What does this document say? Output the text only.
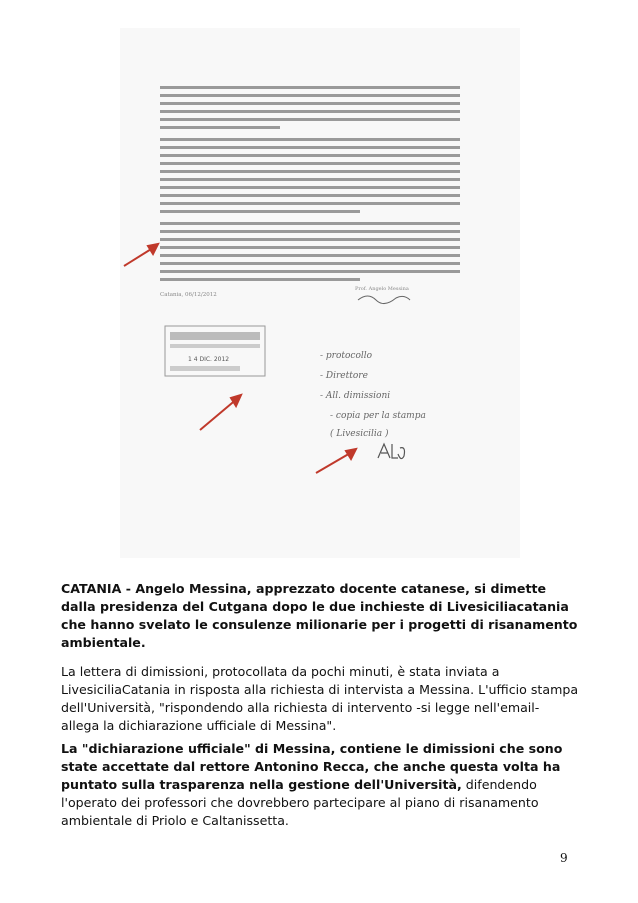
Catania, 06/12/2012
Prof. Angelo Messina
1 4 DIC. 2012	- protocollo
- Direttore
- All. dimissioni
- copia per la stampa
( Livesicilia )

CATANIA - Angelo Messina, apprezzato docente catanese, si dimette dalla presidenza del Cutgana dopo le due inchieste di Livesiciliacatania che hanno svelato le consulenze milionarie per i progetti di risanamento ambientale.

La lettera di dimissioni, protocollata da pochi minuti, è stata inviata a LivesiciliaCatania in risposta alla richiesta di intervista a Messina. L'ufficio stampa dell'Università, "rispondendo alla richiesta di intervento -si legge nell'email- allega la dichiarazione ufficiale di Messina".

La "dichiarazione ufficiale" di Messina, contiene le dimissioni che sono state accettate dal rettore Antonino Recca, che anche questa volta ha puntato sulla trasparenza nella gestione dell'Università, difendendo l'operato dei professori che dovrebbero partecipare al piano di risanamento ambientale di Priolo e Caltanissetta.

9
